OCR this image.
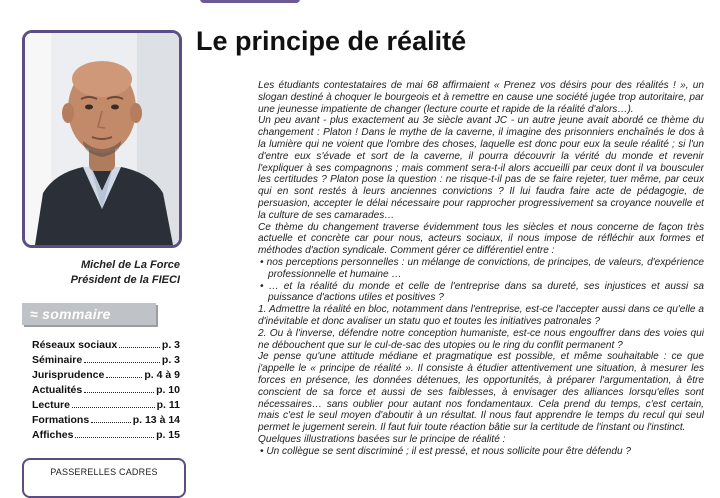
Michel de La Force
Président de la FIECI
≈ sommaire
Réseaux sociaux	p. 3
Séminaire	p. 3
Jurisprudence	p. 4 à 9
Actualités	p. 10
Lecture	p. 11
Formations	p. 13 à 14
Affiches	p. 15
PASSERELLES CADRES
Le principe de réalité

Les étudiants contestataires de mai 68 affirmaient « Prenez vos désirs pour des réalités ! », un slogan destiné à choquer le bourgeois et à remettre en cause une société jugée trop autoritaire, par une jeunesse impatiente de changer (lecture courte et rapide de la réalité d'alors…).

Un peu avant - plus exactement au 3e siècle avant JC - un autre jeune avait abordé ce thème du changement : Platon ! Dans le mythe de la caverne, il imagine des prisonniers enchaînés le dos à la lumière qui ne voient que l'ombre des choses, laquelle est donc pour eux la seule réalité ; si l'un d'entre eux s'évade et sort de la caverne, il pourra découvrir la vérité du monde et revenir l'expliquer à ses compagnons ; mais comment sera-t-il alors accueilli par ceux dont il va bousculer les certitudes ? Platon pose la question : ne risque-t-il pas de se faire rejeter, tuer même, par ceux qui en sont restés à leurs anciennes convictions ? Il lui faudra faire acte de pédagogie, de persuasion, accepter le délai nécessaire pour rapprocher progressivement sa croyance nouvelle et la culture de ses camarades…

Ce thème du changement traverse évidemment tous les siècles et nous concerne de façon très actuelle et concrète car pour nous, acteurs sociaux, il nous impose de réfléchir aux formes et méthodes d'action syndicale. Comment gérer ce différentiel entre :

• nos perceptions personnelles : un mélange de convictions, de principes, de valeurs, d'expérience professionnelle et humaine …

• … et la réalité du monde et celle de l'entreprise dans sa dureté, ses injustices et aussi sa puissance d'actions utiles et positives ?

1. Admettre la réalité en bloc, notamment dans l'entreprise, est-ce l'accepter aussi dans ce qu'elle a d'inévitable et donc avaliser un statu quo et toutes les initiatives patronales ?

2. Ou à l'inverse, défendre notre conception humaniste, est-ce nous engouffrer dans des voies qui ne débouchent que sur le cul-de-sac des utopies ou le ring du conflit permanent ?

Je pense qu'une attitude médiane et pragmatique est possible, et même souhaitable : ce que j'appelle le « principe de réalité ». Il consiste à étudier attentivement une situation, à mesurer les forces en présence, les données détenues, les opportunités, à préparer l'argumentation, à être conscient de sa force et aussi de ses faiblesses, à envisager des alliances lorsqu'elles sont nécessaires… sans oublier pour autant nos fondamentaux. Cela prend du temps, c'est certain, mais c'est le seul moyen d'aboutir à un résultat. Il nous faut apprendre le temps du recul qui seul permet le jugement serein. Il faut fuir toute réaction bâtie sur la certitude de l'instant ou l'instinct.

Quelques illustrations basées sur le principe de réalité :

• Un collègue se sent discriminé ; il est pressé, et nous sollicite pour être défendu ?
